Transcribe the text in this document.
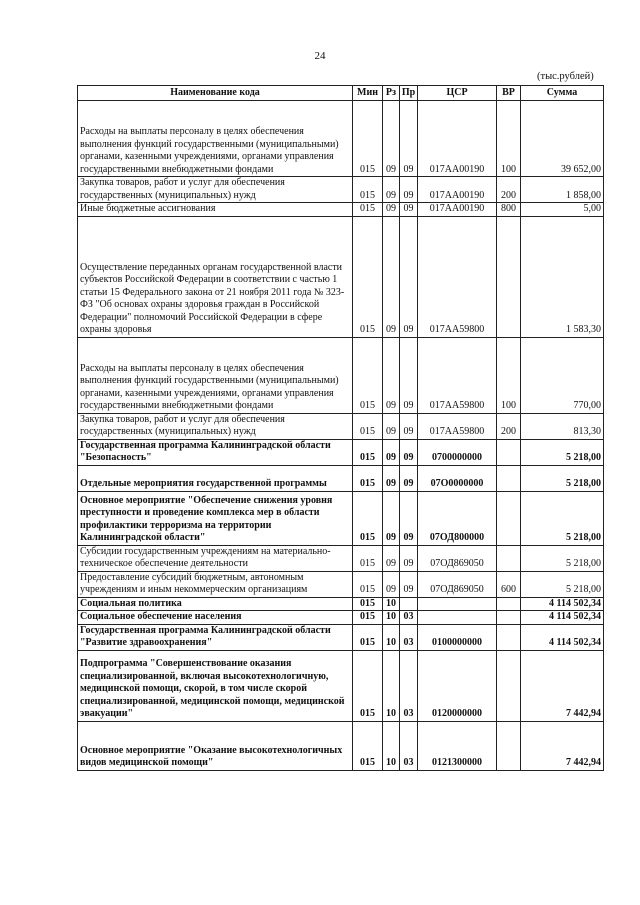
24
(тыс.рублей)
Наименование кода	Мин	Рз	Пр	ЦСР	ВР	Сумма
Расходы на выплаты персоналу в целях обеспечения выполнения функций государственными (муниципальными) органами, казенными учреждениями, органами управления государственными внебюджетными фондами	015	09	09	017АА00190	100	39 652,00
Закупка товаров, работ и услуг для обеспечения государственных (муниципальных) нужд	015	09	09	017АА00190	200	1 858,00
Иные бюджетные ассигнования	015	09	09	017АА00190	800	5,00
Осуществление переданных органам государственной власти субъектов Российской Федерации в соответствии с частью 1 статьи 15 Федерального закона от 21 ноября 2011 года № 323-ФЗ "Об основах охраны здоровья граждан в Российской Федерации" полномочий Российской Федерации в сфере охраны здоровья	015	09	09	017АА59800		1 583,30
Расходы на выплаты персоналу в целях обеспечения выполнения функций государственными (муниципальными) органами, казенными учреждениями, органами управления государственными внебюджетными фондами	015	09	09	017АА59800	100	770,00
Закупка товаров, работ и услуг для обеспечения государственных (муниципальных) нужд	015	09	09	017АА59800	200	813,30
Государственная программа Калининградской области "Безопасность"	015	09	09	0700000000		5 218,00
Отдельные мероприятия государственной программы	015	09	09	07О0000000		5 218,00
Основное мероприятие "Обеспечение снижения уровня преступности и проведение комплекса мер в области профилактики терроризма на территории Калининградской области"	015	09	09	07ОД800000		5 218,00
Субсидии государственным учреждениям на материально-техническое обеспечение деятельности	015	09	09	07ОД869050		5 218,00
Предоставление субсидий бюджетным, автономным учреждениям и иным некоммерческим организациям	015	09	09	07ОД869050	600	5 218,00
Социальная политика	015	10				4 114 502,34
Социальное обеспечение населения	015	10	03			4 114 502,34
Государственная программа Калининградской области "Развитие здравоохранения"	015	10	03	0100000000		4 114 502,34
Подпрограмма "Совершенствование оказания специализированной, включая высокотехнологичную, медицинской помощи, скорой, в том числе скорой специализированной, медицинской помощи, медицинской эвакуации"	015	10	03	0120000000		7 442,94
Основное мероприятие "Оказание высокотехнологичных видов медицинской помощи"	015	10	03	0121300000		7 442,94
